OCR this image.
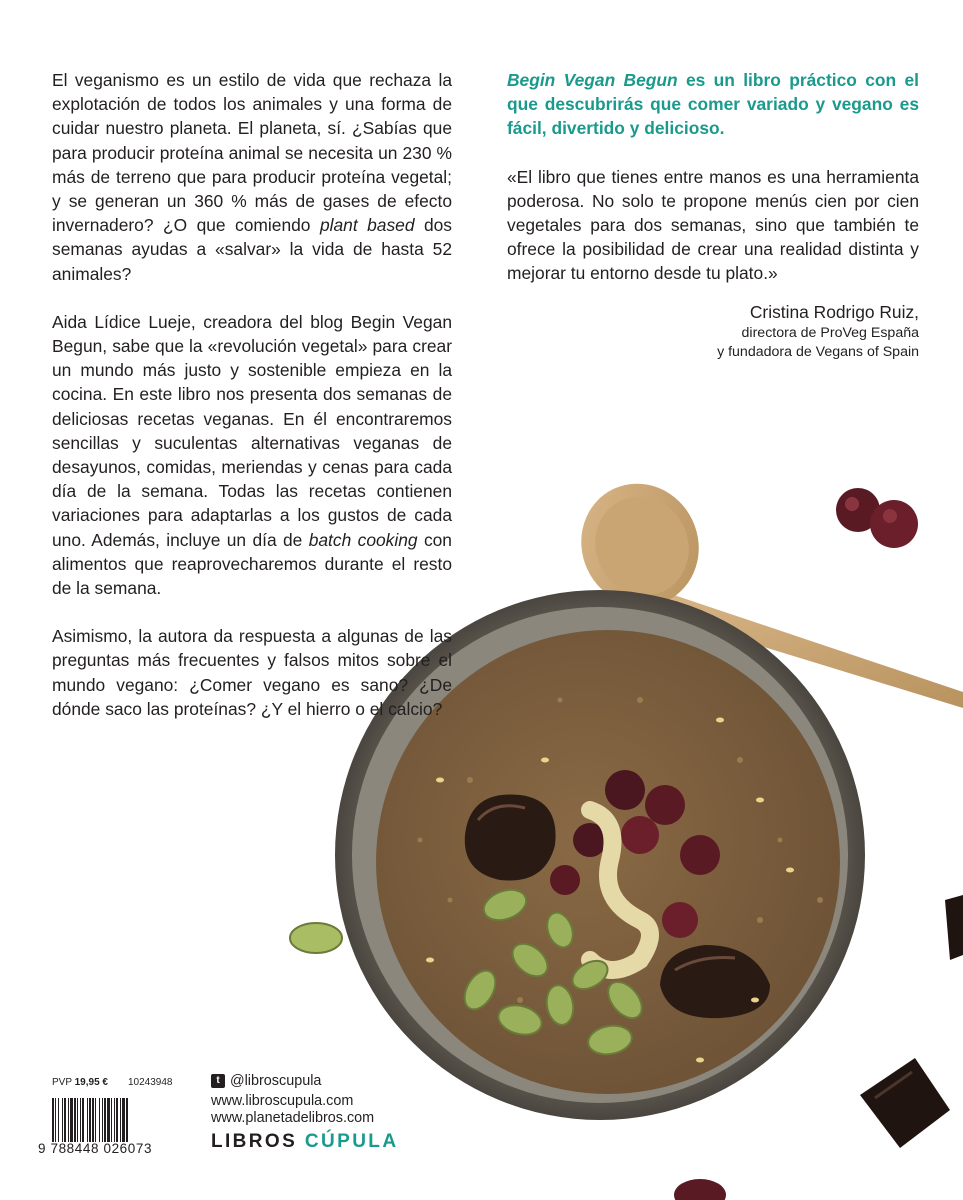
El veganismo es un estilo de vida que rechaza la explotación de todos los animales y una forma de cuidar nuestro planeta. El planeta, sí. ¿Sabías que para producir proteína animal se necesita un 230 % más de terreno que para producir proteína vegetal; y se generan un 360 % más de gases de efecto invernadero? ¿O que comiendo plant based dos semanas ayudas a «salvar» la vida de hasta 52 animales?

Aida Lídice Lueje, creadora del blog Begin Vegan Begun, sabe que la «revolución vegetal» para crear un mundo más justo y sostenible empieza en la cocina. En este libro nos presenta dos semanas de deliciosas recetas veganas. En él encontraremos sencillas y suculentas alternativas veganas de desayunos, comidas, meriendas y cenas para cada día de la semana. Todas las recetas contienen variaciones para adaptarlas a los gustos de cada uno. Además, incluye un día de batch cooking con alimentos que reaprovecharemos durante el resto de la semana.

Asimismo, la autora da respuesta a algunas de las preguntas más frecuentes y falsos mitos sobre el mundo vegano: ¿Comer vegano es sano? ¿De dónde saco las proteínas? ¿Y el hierro o el calcio?

Begin Vegan Begun es un libro práctico con el que descubrirás que comer variado y vegano es fácil, divertido y delicioso.

«El libro que tienes entre manos es una herramienta poderosa. No solo te propone menús cien por cien vegetales para dos semanas, sino que también te ofrece la posibilidad de crear una realidad distinta y mejorar tu entorno desde tu plato.»

Cristina Rodrigo Ruiz,
directora de ProVeg España
y fundadora de Vegans of Spain
PVP 19,95 € 10243948
9 788448 026073
t @libroscupula
www.libroscupula.com
www.planetadelibros.com
LIBROS CÚPULA
